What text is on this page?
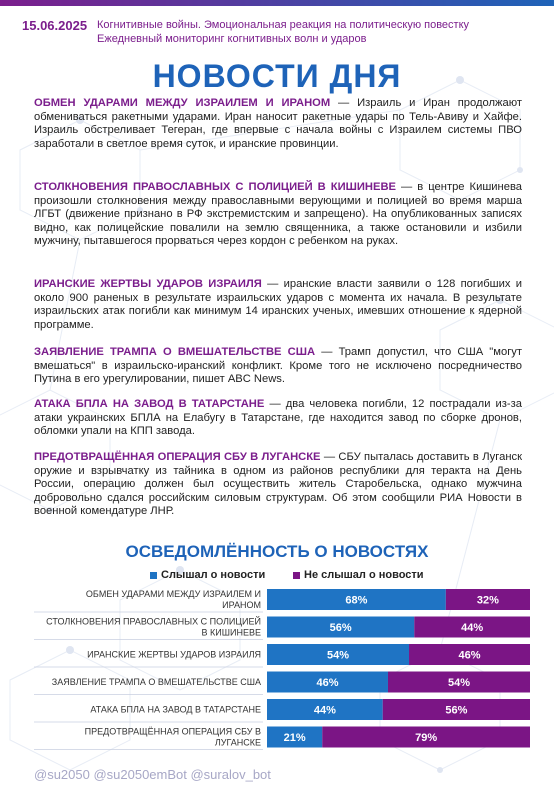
15.06.2025 Когнитивные войны. Эмоциональная реакция на политическую повестку
Ежедневный мониторинг когнитивных волн и ударов
НОВОСТИ ДНЯ
ОБМЕН УДАРАМИ МЕЖДУ ИЗРАИЛЕМ И ИРАНОМ — Израиль и Иран продолжают обмениваться ракетными ударами. Иран наносит ракетные удары по Тель-Авиву и Хайфе. Израиль обстреливает Тегеран, где впервые с начала войны с Израилем системы ПВО заработали в светлое время суток, и иранские провинции.
СТОЛКНОВЕНИЯ ПРАВОСЛАВНЫХ С ПОЛИЦИЕЙ В КИШИНЕВЕ — в центре Кишинева произошли столкновения между православными верующими и полицией во время марша ЛГБТ (движение признано в РФ экстремистским и запрещено). На опубликованных записях видно, как полицейские повалили на землю священника, а также остановили и избили мужчину, пытавшегося прорваться через кордон с ребенком на руках.
ИРАНСКИЕ ЖЕРТВЫ УДАРОВ ИЗРАИЛЯ — иранские власти заявили о 128 погибших и около 900 раненых в результате израильских ударов с момента их начала. В результате израильских атак погибли как минимум 14 иранских ученых, имевших отношение к ядерной программе.
ЗАЯВЛЕНИЕ ТРАМПА О ВМЕШАТЕЛЬСТВЕ США — Трамп допустил, что США "могут вмешаться" в израильско-иранский конфликт. Кроме того не исключено посредничество Путина в его урегулировании, пишет ABC News.
АТАКА БПЛА НА ЗАВОД В ТАТАРСТАНЕ — два человека погибли, 12 пострадали из-за атаки украинских БПЛА на Елабугу в Татарстане, где находится завод по сборке дронов, обломки упали на КПП завода.
ПРЕДОТВРАЩЁННАЯ ОПЕРАЦИЯ СБУ В ЛУГАНСКЕ — СБУ пыталась доставить в Луганск оружие и взрывчатку из тайника в одном из районов республики для теракта на День России, операцию должен был осуществить житель Старобельска, однако мужчина добровольно сдался российским силовым структурам. Об этом сообщили РИА Новости в военной комендатуре ЛНР.
ОСВЕДОМЛЁННОСТЬ О НОВОСТЯХ
Слышал о новости	Не слышал о новости
ОБМЕН УДАРАМИ МЕЖДУ ИЗРАИЛЕМ И ИРАНОМ	68%	32%
СТОЛКНОВЕНИЯ ПРАВОСЛАВНЫХ С ПОЛИЦИЕЙ В КИШИНЕВЕ	56%	44%
ИРАНСКИЕ ЖЕРТВЫ УДАРОВ ИЗРАИЛЯ	54%	46%
ЗАЯВЛЕНИЕ ТРАМПА О ВМЕШАТЕЛЬСТВЕ США	46%	54%
АТАКА БПЛА НА ЗАВОД В ТАТАРСТАНЕ	44%	56%
ПРЕДОТВРАЩЁННАЯ ОПЕРАЦИЯ СБУ В ЛУГАНСКЕ 21%	79%
@su2050 @su2050emBot @suralov_bot
